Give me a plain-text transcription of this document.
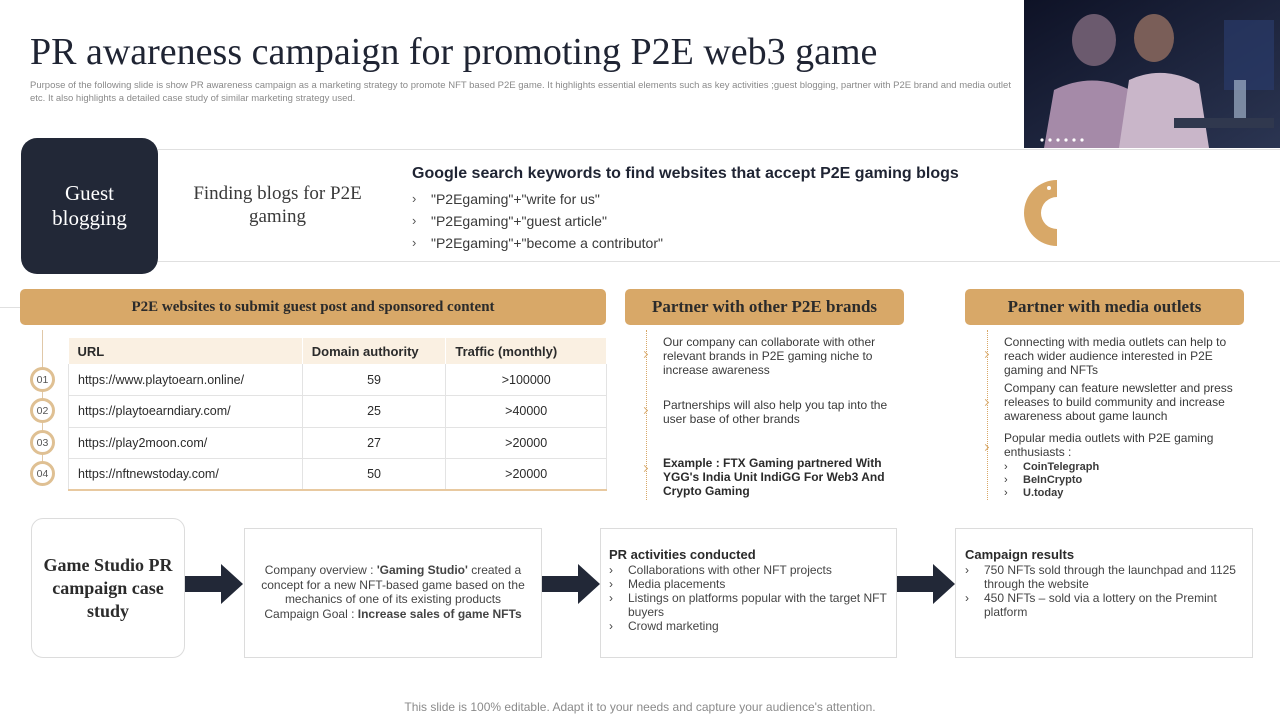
PR awareness campaign for promoting P2E web3 game

Purpose of the following slide is show PR awareness campaign as a marketing strategy to promote NFT based P2E game. It highlights essential elements such as key activities ;guest blogging, partner with P2E brand and media outlet etc. It also highlights a detailed case study of similar marketing strategy used.

Guest blogging
Finding blogs for P2E gaming
Google search keywords to find websites that accept P2E gaming blogs
›	"P2Egaming"+"write for us"
›	"P2Egaming"+"guest article"
›	"P2Egaming"+"become a contributor"
P2E websites to submit guest post and sponsored content	Partner with other P2E brands	Partner with media outlets
01
02
03
04
URL	Domain authority	Traffic (monthly)
https://www.playtoearn.online/	59	>100000
https://playtoearndiary.com/	25	>40000
https://play2moon.com/	27	>20000
https://nftnewstoday.com/	50	>20000
Our company can collaborate with other relevant brands in P2E gaming niche to increase awareness
Partnerships will also help you tap into the user base of other brands
Example : FTX Gaming partnered With YGG's India Unit IndiGG For Web3 And Crypto Gaming
Connecting with media outlets can help to reach wider audience interested in P2E gaming and NFTs
Company can feature newsletter and press releases to build community and increase awareness about game launch
Popular media outlets with P2E gaming enthusiasts :
›	CoinTelegraph
›	BeInCrypto
›	U.today
Game Studio PR campaign case study
Company overview : 'Gaming Studio' created a concept for a new NFT-based game based on the mechanics of one of its existing products
Campaign Goal : Increase sales of game NFTs
PR activities conducted
›	Collaborations with other NFT projects
›	Media placements
›	Listings on platforms popular with the target NFT buyers
›	Crowd marketing
Campaign results
›	750 NFTs sold through the launchpad and 1125 through the website
›	450 NFTs – sold via a lottery on the Premint platform
This slide is 100% editable. Adapt it to your needs and capture your audience's attention.
